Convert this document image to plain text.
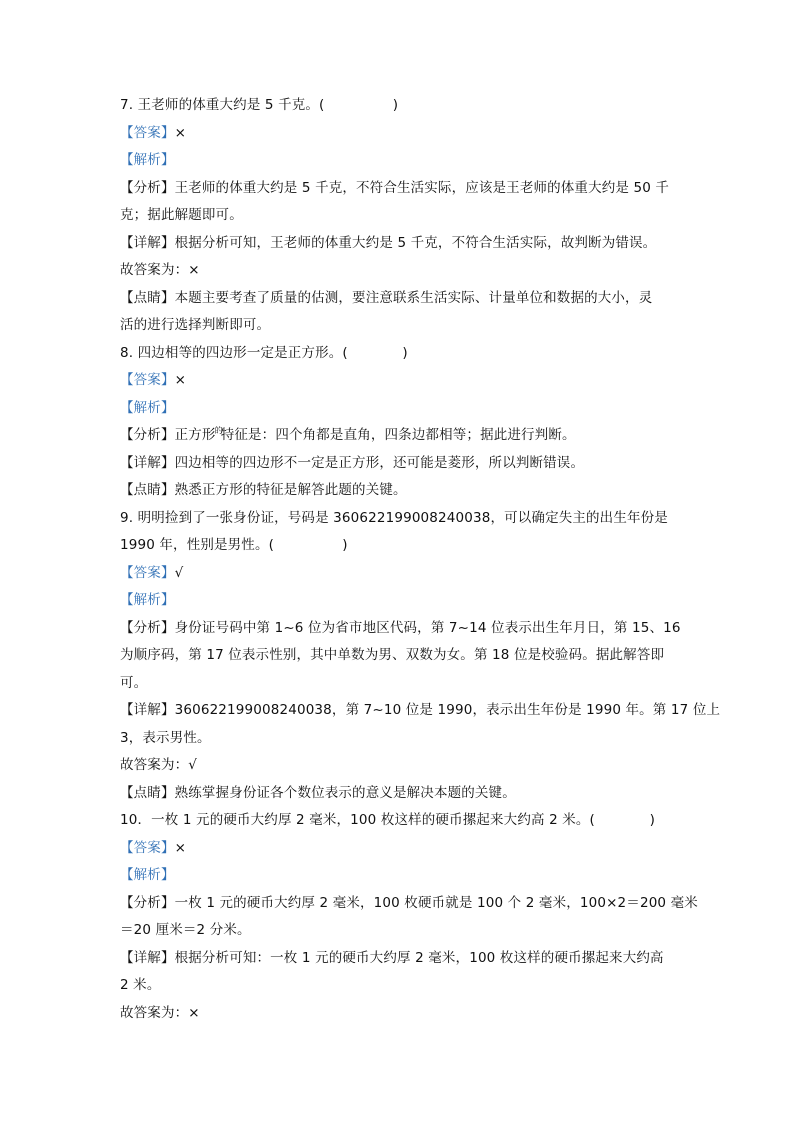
7. 王老师的体重大约是 5 千克。(　　　　　)
【答案】×
【解析】
【分析】王老师的体重大约是 5 千克，不符合生活实际，应该是王老师的体重大约是 50 千
克；据此解题即可。
【详解】根据分析可知，王老师的体重大约是 5 千克，不符合生活实际，故判断为错误。
故答案为：×
【点睛】本题主要考查了质量的估测，要注意联系生活实际、计量单位和数据的大小，灵
活的进行选择判断即可。
8. 四边相等的四边形一定是正方形。(　　　　)
【答案】×
【解析】
【分析】正方形$^的$特征是：四个角都是直角，四条边都相等；据此进行判断。
【详解】四边相等的四边形不一定是正方形，还可能是菱形，所以判断错误。
【点睛】熟悉正方形的特征是解答此题的关键。
9. 明明捡到了一张身份证，号码是 360622199008240038，可以确定失主的出生年份是
1990 年，性别是男性。(　　　　　)
【答案】√
【解析】
【分析】身份证号码中第 1~6 位为省市地区代码，第 7~14 位表示出生年月日，第 15、16
为顺序码，第 17 位表示性别，其中单数为男、双数为女。第 18 位是校验码。据此解答即
可。
【详解】360622199008240038，第 7~10 位是 1990，表示出生年份是 1990 年。第 17 位上
3，表示男性。
故答案为：√
【点睛】熟练掌握身份证各个数位表示的意义是解决本题的关键。
10．一枚 1 元的硬币大约厚 2 毫米，100 枚这样的硬币摞起来大约高 2 米。(　　　　)
【答案】×
【解析】
【分析】一枚 1 元的硬币大约厚 2 毫米，100 枚硬币就是 100 个 2 毫米，100×2＝200 毫米
＝20 厘米＝2 分米。
【详解】根据分析可知：一枚 1 元的硬币大约厚 2 毫米，100 枚这样的硬币摞起来大约高
2 米。
故答案为：×
